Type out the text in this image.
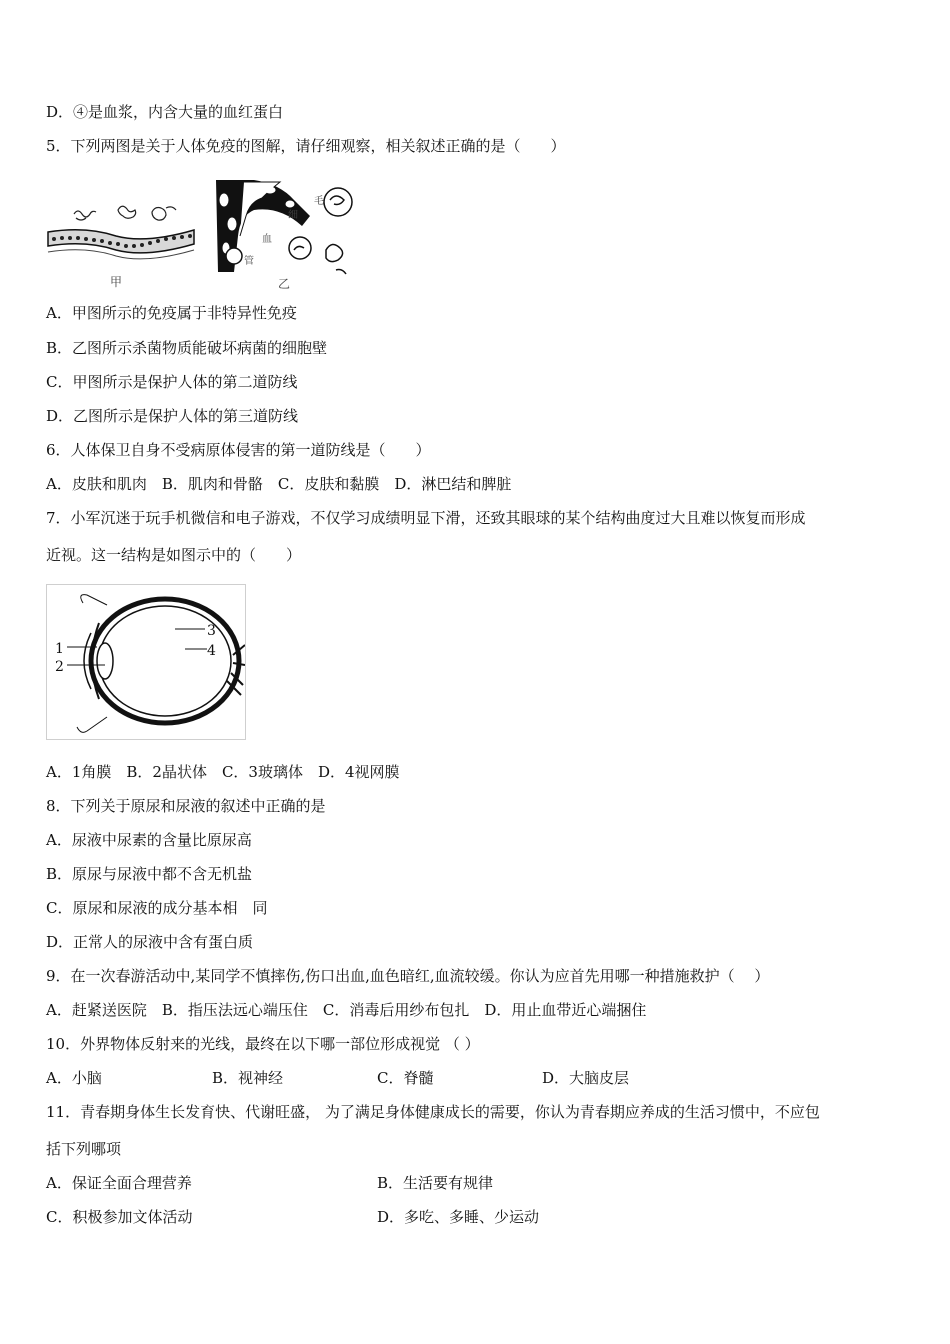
D．④是血浆，内含大量的血红蛋白
5．下列两图是关于人体免疫的图解，请仔细观察，相关叙述正确的是（　　）
甲
毛
细
血
管
乙
A．甲图所示的免疫属于非特异性免疫
B．乙图所示杀菌物质能破坏病菌的细胞壁
C．甲图所示是保护人体的第二道防线
D．乙图所示是保护人体的第三道防线
6．人体保卫自身不受病原体侵害的第一道防线是（　　）
A．皮肤和肌肉　B．肌肉和骨骼　C．皮肤和黏膜　D．淋巴结和脾脏
7．小军沉迷于玩手机微信和电子游戏，不仅学习成绩明显下滑，还致其眼球的某个结构曲度过大且难以恢复而形成
近视。这一结构是如图示中的（　　）
1
2
3
4
A．1角膜　B．2晶状体　C．3玻璃体　D．4视网膜
8．下列关于原尿和尿液的叙述中正确的是
A．尿液中尿素的含量比原尿高
B．原尿与尿液中都不含无机盐
C．原尿和尿液的成分基本相　同
D．正常人的尿液中含有蛋白质
9．在一次春游活动中,某同学不慎摔伤,伤口出血,血色暗红,血流较缓。你认为应首先用哪一种措施救护（　 ）
A．赶紧送医院　B．指压法远心端压住　C．消毒后用纱布包扎　D．用止血带近心端捆住
10．外界物体反射来的光线，最终在以下哪一部位形成视觉 （ ）
A．小脑	B．视神经	C．脊髓	D．大脑皮层
11．青春期身体生长发育快、代谢旺盛， 为了满足身体健康成长的需要，你认为青春期应养成的生活习惯中，不应包
括下列哪项
A．保证全面合理营养	B．生活要有规律
C．积极参加文体活动	D．多吃、多睡、少运动
